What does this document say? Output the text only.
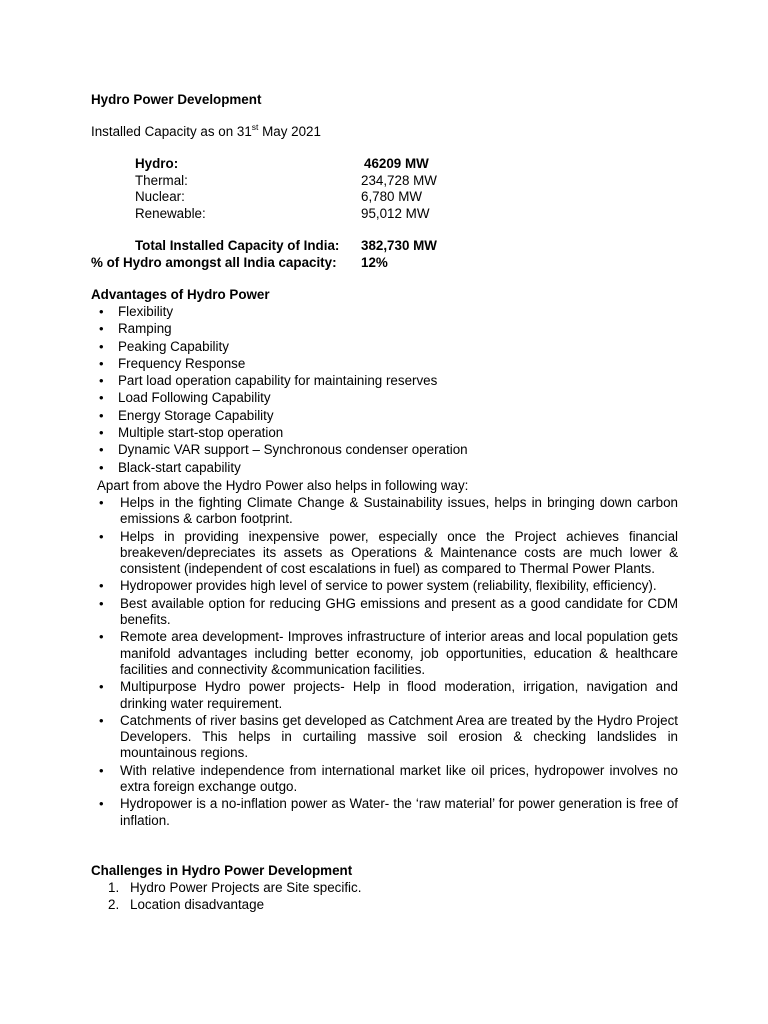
Hydro Power Development
Installed Capacity as on 31st May 2021
Hydro:	46209 MW
Thermal:	234,728 MW
Nuclear:	6,780 MW
Renewable:	95,012 MW
Total Installed Capacity of India: 382,730 MW
% of Hydro amongst all India capacity: 12%
Advantages of Hydro Power
• Flexibility
• Ramping
• Peaking Capability
• Frequency Response
• Part load operation capability for maintaining reserves
• Load Following Capability
• Energy Storage Capability
• Multiple start-stop operation
• Dynamic VAR support – Synchronous condenser operation
• Black-start capability
Apart from above the Hydro Power also helps in following way:
• Helps in the fighting Climate Change & Sustainability issues, helps in bringing down carbon emissions & carbon footprint.
• Helps in providing inexpensive power, especially once the Project achieves financial breakeven/depreciates its assets as Operations & Maintenance costs are much lower & consistent (independent of cost escalations in fuel) as compared to Thermal Power Plants.
• Hydropower provides high level of service to power system (reliability, flexibility, efficiency).
• Best available option for reducing GHG emissions and present as a good candidate for CDM benefits.
• Remote area development- Improves infrastructure of interior areas and local population gets manifold advantages including better economy, job opportunities, education & healthcare facilities and connectivity &communication facilities.
• Multipurpose Hydro power projects- Help in flood moderation, irrigation, navigation and drinking water requirement.
• Catchments of river basins get developed as Catchment Area are treated by the Hydro Project Developers. This helps in curtailing massive soil erosion & checking landslides in mountainous regions.
• With relative independence from international market like oil prices, hydropower involves no extra foreign exchange outgo.
• Hydropower is a no-inflation power as Water- the ‘raw material’ for power generation is free of inflation.
Challenges in Hydro Power Development
1. Hydro Power Projects are Site specific.
2. Location disadvantage
